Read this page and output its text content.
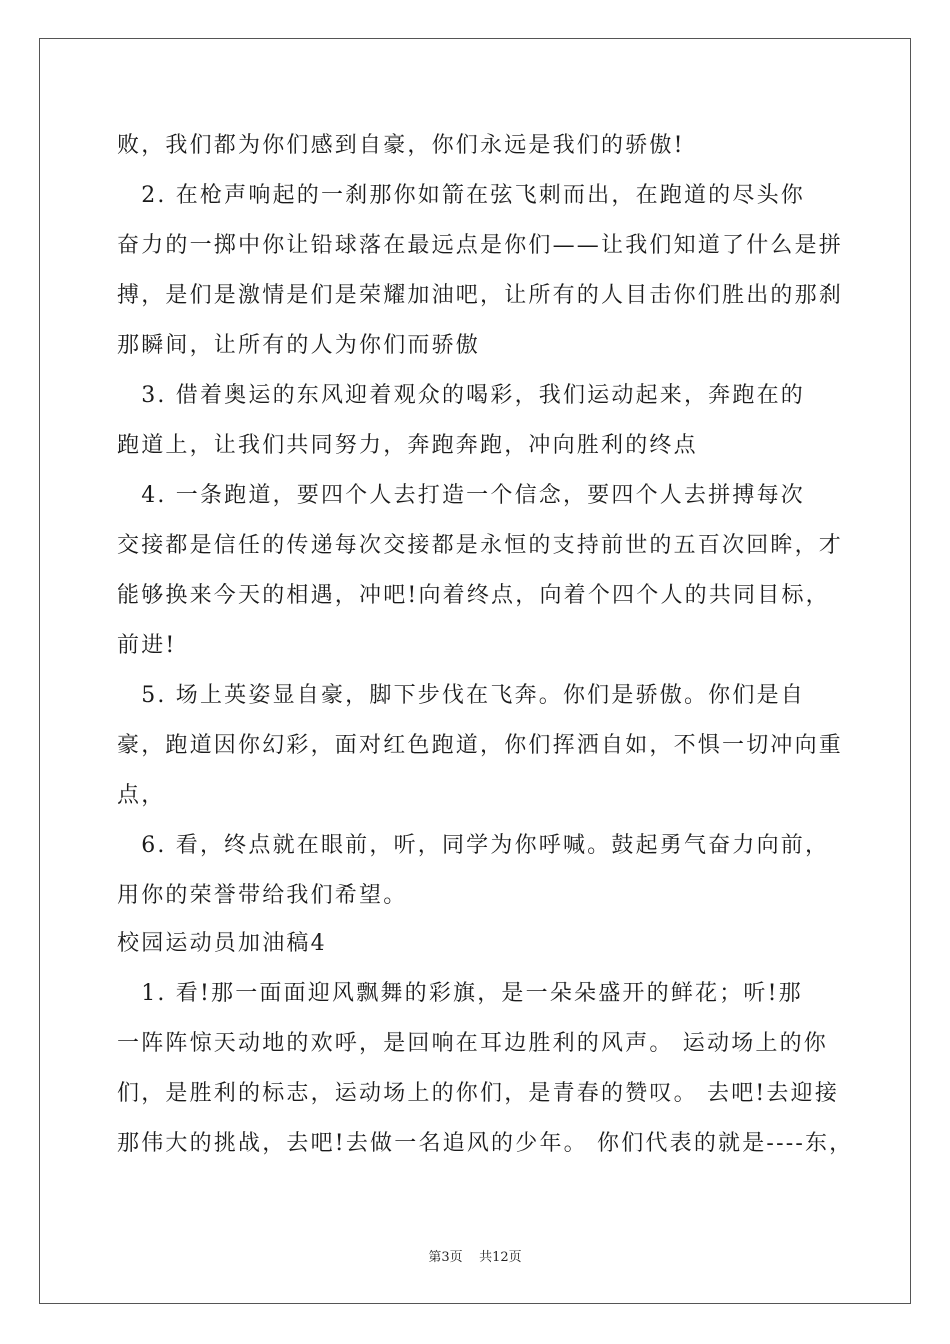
败，我们都为你们感到自豪，你们永远是我们的骄傲!
　2. 在枪声响起的一刹那你如箭在弦飞刺而出，在跑道的尽头你
奋力的一掷中你让铅球落在最远点是你们——让我们知道了什么是拼
搏，是们是激情是们是荣耀加油吧，让所有的人目击你们胜出的那刹
那瞬间，让所有的人为你们而骄傲
　3. 借着奥运的东风迎着观众的喝彩，我们运动起来，奔跑在的
跑道上，让我们共同努力，奔跑奔跑，冲向胜利的终点
　4. 一条跑道，要四个人去打造一个信念，要四个人去拼搏每次
交接都是信任的传递每次交接都是永恒的支持前世的五百次回眸，才
能够换来今天的相遇，冲吧!向着终点，向着个四个人的共同目标，
前进!
　5. 场上英姿显自豪，脚下步伐在飞奔。你们是骄傲。你们是自
豪，跑道因你幻彩，面对红色跑道，你们挥洒自如，不惧一切冲向重
点，
　6. 看，终点就在眼前，听，同学为你呼喊。鼓起勇气奋力向前，
用你的荣誉带给我们希望。
校园运动员加油稿4
　1. 看!那一面面迎风飘舞的彩旗，是一朵朵盛开的鲜花；听!那
一阵阵惊天动地的欢呼，是回响在耳边胜利的风声。 运动场上的你
们，是胜利的标志，运动场上的你们，是青春的赞叹。 去吧!去迎接
那伟大的挑战，去吧!去做一名追风的少年。 你们代表的就是----东，
第3页 共12页
